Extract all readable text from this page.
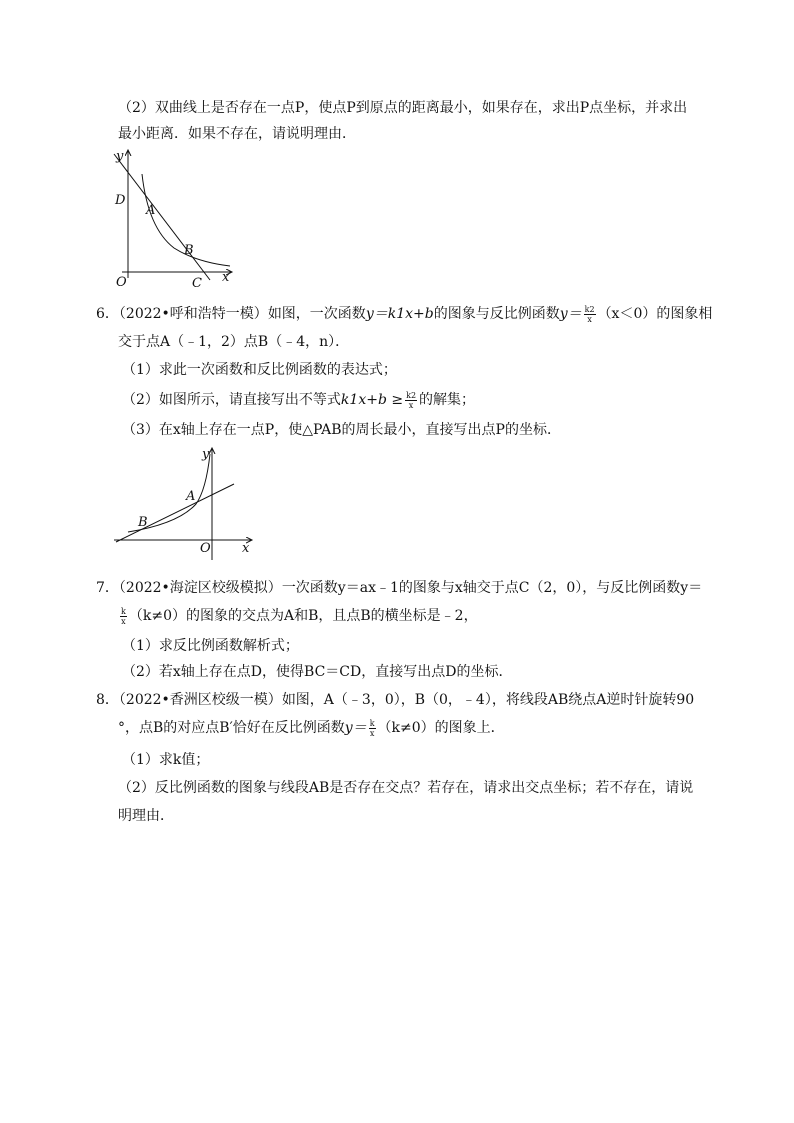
（2）双曲线上是否存在一点P，使点P到原点的距离最小，如果存在，求出P点坐标，并求出
最小距离．如果不存在，请说明理由．
y
D
A
B
O	C x
6．（2022•呼和浩特一模）如图，一次函数y＝k1x+b的图象与反比例函数$y= \frac{k2}{x} (x<0)$的图象相
交于点A（﹣1，2）点B（﹣4，n）．
（1）求此一次函数和反比例函数的表达式；
（2）如图所示，请直接写出不等式$k1x+b \ge \frac{k2}{x}$ 的解集；
（3）在x轴上存在一点P，使△PAB的周长最小，直接写出点P的坐标．
y
A
B
O x
7．（2022•海淀区校级模拟）一次函数y＝ax﹣1的图象与x轴交于点C（2，0），与反比例函数y＝
$\frac{k}{x} (k\ne 0)$的图象的交点为A和B，且点B的横坐标是﹣2，
（1）求反比例函数解析式；
（2）若x轴上存在点D，使得BC＝CD，直接写出点D的坐标．
8．（2022•香洲区校级一模）如图，A（﹣3，0），B（0，﹣4），将线段AB绕点A逆时针旋转90
°，点B的对应点B′恰好在反比例函数$y= \frac{k}{x} (k\ne 0)$的图象上．
（1）求k值；
（2）反比例函数的图象与线段AB是否存在交点？若存在，请求出交点坐标；若不存在，请说
明理由．
